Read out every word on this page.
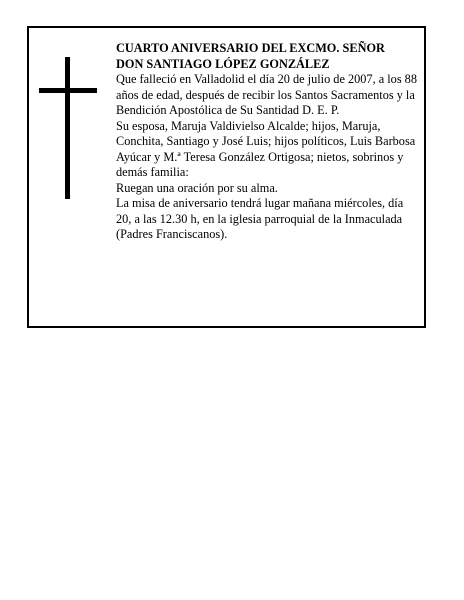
CUARTO ANIVERSARIO DEL EXCMO. SEÑOR

DON SANTIAGO LÓPEZ GONZÁLEZ

Que falleció en Valladolid el día 20 de julio de 2007, a los 88 años de edad, después de recibir los Santos Sacramentos y la Bendición Apostólica de Su Santidad D. E. P.

Su esposa, Maruja Valdivielso Alcalde; hijos, Maruja, Conchita, Santiago y José Luis; hijos políticos, Luis Barbosa Ayúcar y M.ª Teresa González Ortigosa; nietos, sobrinos y demás familia:

Ruegan una oración por su alma.

La misa de aniversario tendrá lugar mañana miércoles, día 20, a las 12.30 h, en la iglesia parroquial de la Inmaculada (Padres Franciscanos).
